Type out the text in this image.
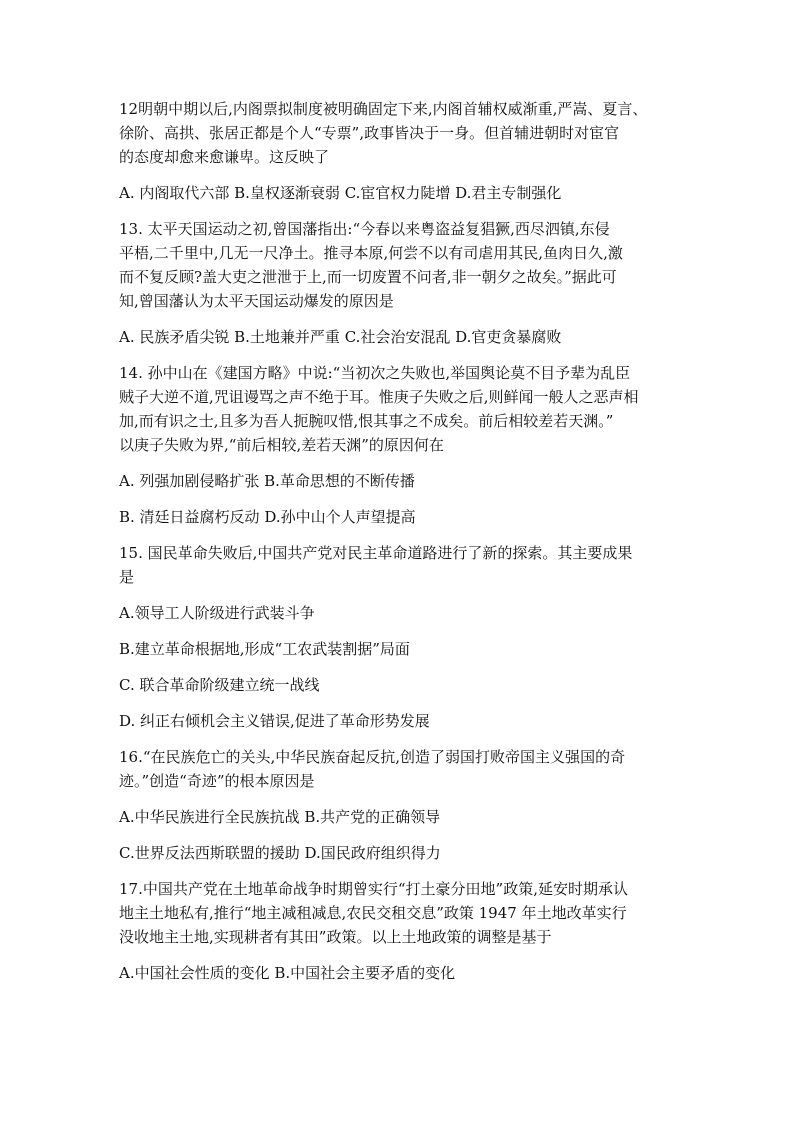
12明朝中期以后,内阁票拟制度被明确固定下来,内阁首辅权威渐重,严嵩、夏言、
徐阶、高拱、张居正都是个人“专票”,政事皆决于一身。但首辅进朝时对宦官
的态度却愈来愈谦卑。这反映了

A. 内阁取代六部 B.皇权逐渐衰弱 C.宦官权力陡增 D.君主专制强化

13. 太平天国运动之初,曾国藩指出:“今春以来粤盗益复猖獗,西尽泗镇,东侵
平梧,二千里中,几无一尺净土。推寻本原,何尝不以有司虐用其民,鱼肉日久,激
而不复反顾?盖大吏之泄泄于上,而一切废置不问者,非一朝夕之故矣。”据此可
知,曾国藩认为太平天国运动爆发的原因是

A. 民族矛盾尖锐 B.土地兼并严重 C.社会治安混乱 D.官吏贪暴腐败

14. 孙中山在《建国方略》中说:“当初次之失败也,举国舆论莫不目予辈为乱臣
贼子大逆不道,咒诅谩骂之声不绝于耳。惟庚子失败之后,则鲜闻一般人之恶声相
加,而有识之士,且多为吾人扼腕叹惜,恨其事之不成矣。前后相较差若天渊。”
以庚子失败为界,“前后相较,差若天渊”的原因何在

A. 列强加剧侵略扩张 B.革命思想的不断传播

B. 清廷日益腐朽反动 D.孙中山个人声望提高

15. 国民革命失败后,中国共产党对民主革命道路进行了新的探索。其主要成果
是

A.领导工人阶级进行武装斗争

B.建立革命根据地,形成“工农武装割据”局面

C. 联合革命阶级建立统一战线

D. 纠正右倾机会主义错误,促进了革命形势发展

16.“在民族危亡的关头,中华民族奋起反抗,创造了弱国打败帝国主义强国的奇
迹。”创造“奇迹”的根本原因是

A.中华民族进行全民族抗战 B.共产党的正确领导

C.世界反法西斯联盟的援助 D.国民政府组织得力

17.中国共产党在土地革命战争时期曾实行“打土豪分田地”政策,延安时期承认
地主土地私有,推行“地主减租减息,农民交租交息”政策 1947 年土地改革实行
没收地主土地,实现耕者有其田”政策。以上土地政策的调整是基于

A.中国社会性质的变化 B.中国社会主要矛盾的变化
